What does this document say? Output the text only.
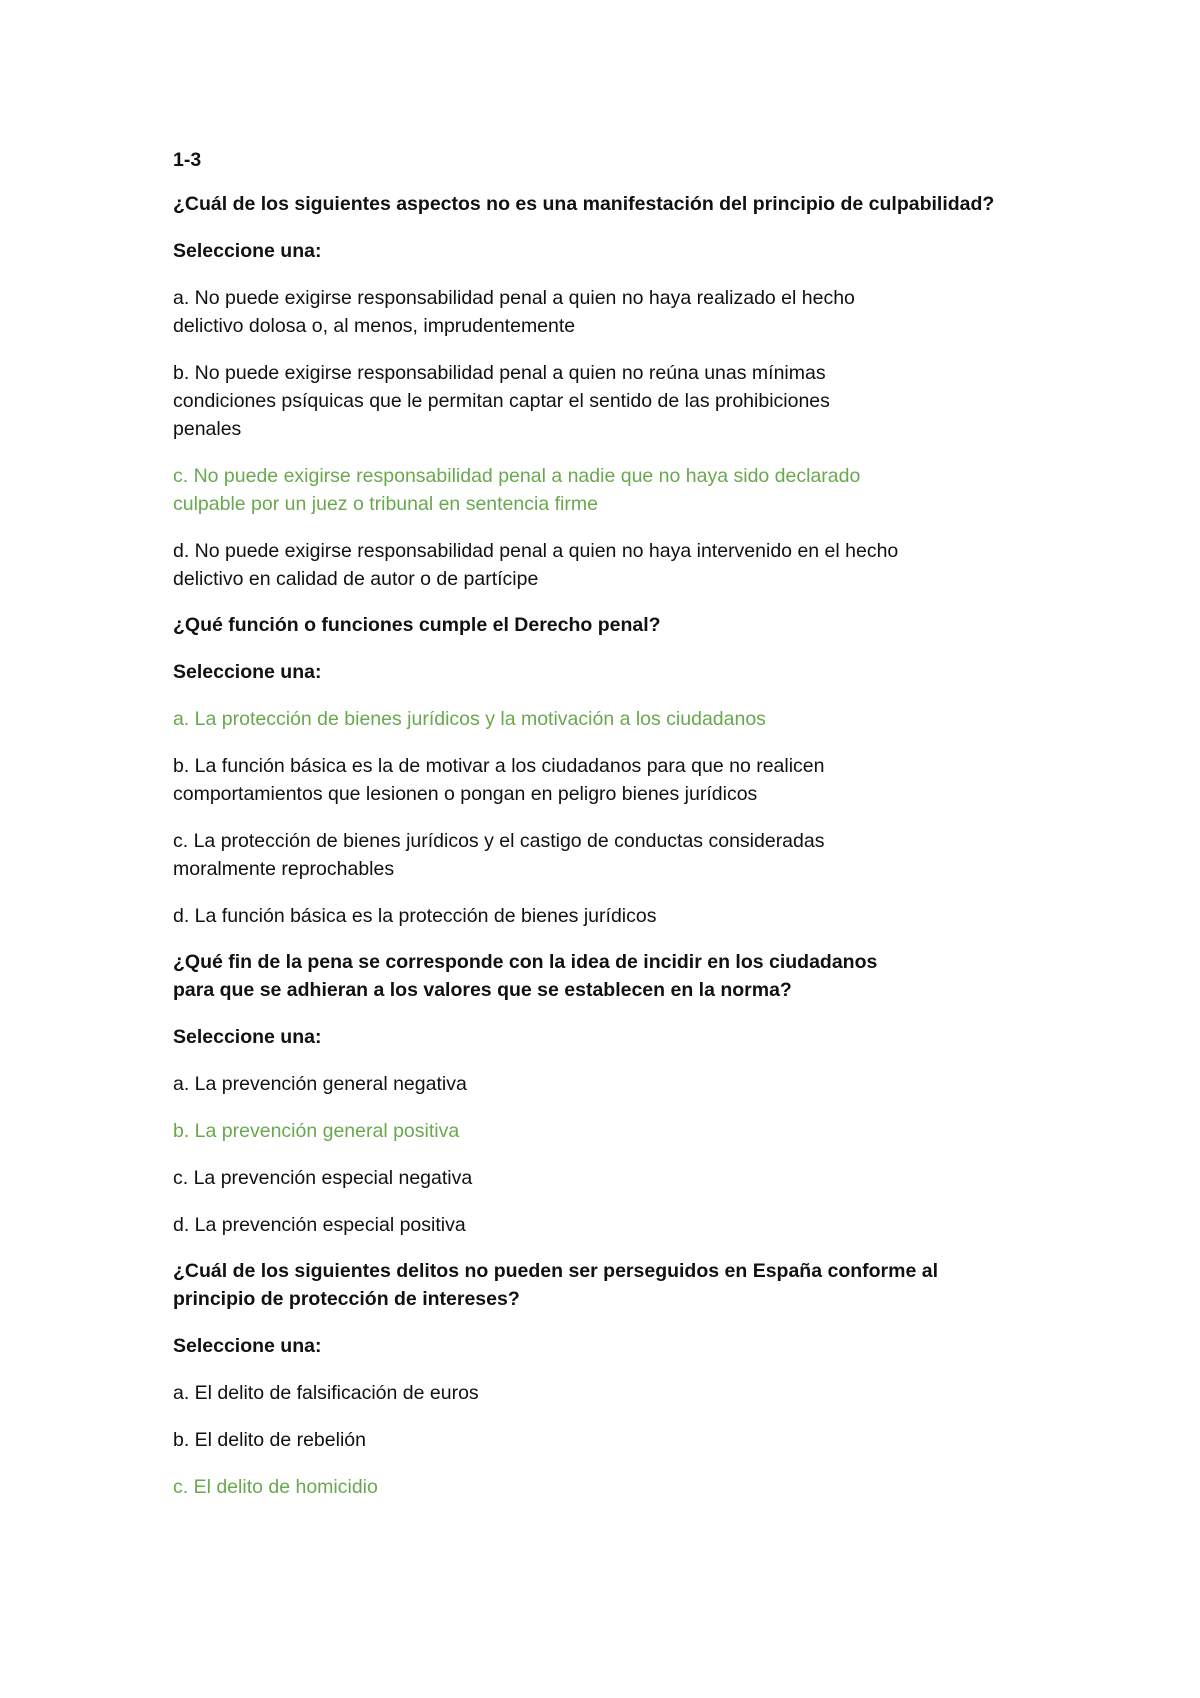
1-3

¿Cuál de los siguientes aspectos no es una manifestación del principio de culpabilidad?

Seleccione una:

a. No puede exigirse responsabilidad penal a quien no haya realizado el hecho
delictivo dolosa o, al menos, imprudentemente

b. No puede exigirse responsabilidad penal a quien no reúna unas mínimas
condiciones psíquicas que le permitan captar el sentido de las prohibiciones
penales

c. No puede exigirse responsabilidad penal a nadie que no haya sido declarado
culpable por un juez o tribunal en sentencia firme

d. No puede exigirse responsabilidad penal a quien no haya intervenido en el hecho
delictivo en calidad de autor o de partícipe

¿Qué función o funciones cumple el Derecho penal?

Seleccione una:

a. La protección de bienes jurídicos y la motivación a los ciudadanos

b. La función básica es la de motivar a los ciudadanos para que no realicen
comportamientos que lesionen o pongan en peligro bienes jurídicos

c. La protección de bienes jurídicos y el castigo de conductas consideradas
moralmente reprochables

d. La función básica es la protección de bienes jurídicos

¿Qué fin de la pena se corresponde con la idea de incidir en los ciudadanos
para que se adhieran a los valores que se establecen en la norma?

Seleccione una:

a. La prevención general negativa

b. La prevención general positiva

c. La prevención especial negativa

d. La prevención especial positiva

¿Cuál de los siguientes delitos no pueden ser perseguidos en España conforme al
principio de protección de intereses?

Seleccione una:

a. El delito de falsificación de euros

b. El delito de rebelión

c. El delito de homicidio
